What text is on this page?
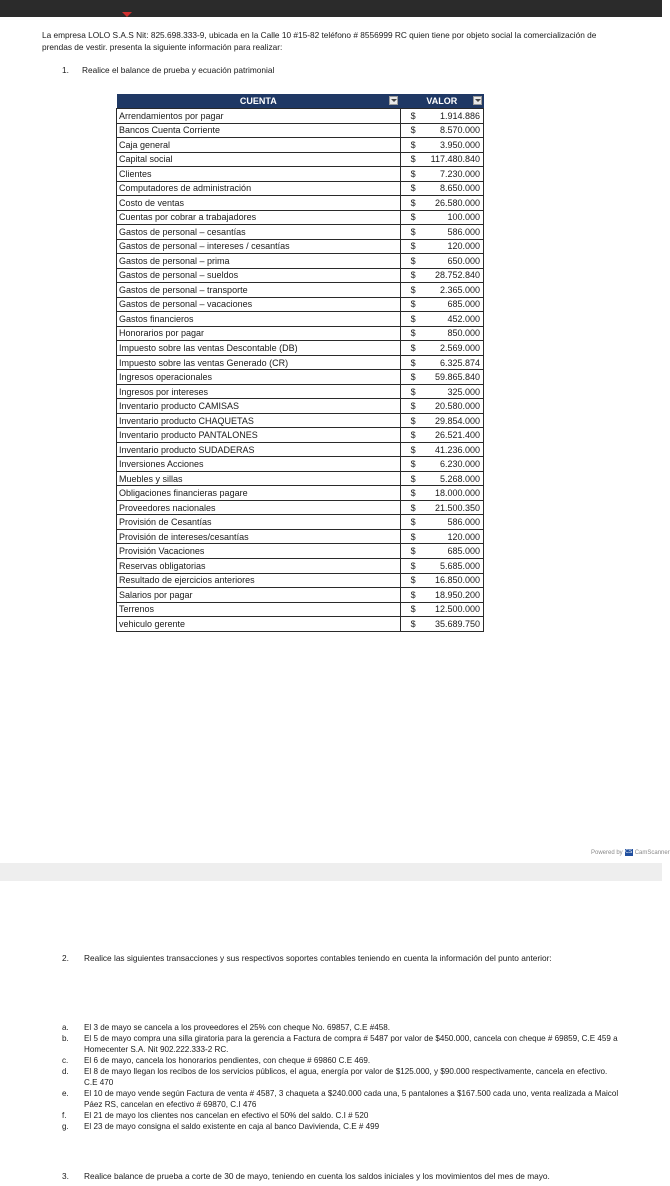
La empresa LOLO S.A.S Nit: 825.698.333-9, ubicada en la Calle 10 #15-82 teléfono # 8556999 RC quien tiene por objeto social la comercialización de prendas de vestir. presenta la siguiente información para realizar:
1. Realice el balance de prueba y ecuación patrimonial
CUENTA	VALOR	

Arrendamientos por pagar	$	1.914.886
Bancos Cuenta Corriente	$	8.570.000
Caja general	$	3.950.000
Capital social	$	117.480.840
Clientes	$	7.230.000
Computadores de administración	$	8.650.000
Costo de ventas	$	26.580.000
Cuentas por cobrar a trabajadores	$	100.000
Gastos de personal – cesantías	$	586.000
Gastos de personal – intereses / cesantías	$	120.000
Gastos de personal – prima	$	650.000
Gastos de personal – sueldos	$	28.752.840
Gastos de personal – transporte	$	2.365.000
Gastos de personal – vacaciones	$	685.000
Gastos financieros	$	452.000
Honorarios por pagar	$	850.000
Impuesto sobre las ventas Descontable (DB)	$	2.569.000
Impuesto sobre las ventas Generado (CR)	$	6.325.874
Ingresos operacionales	$	59.865.840
Ingresos por intereses	$	325.000
Inventario producto CAMISAS	$	20.580.000
Inventario producto CHAQUETAS	$	29.854.000
Inventario producto PANTALONES	$	26.521.400
Inventario producto SUDADERAS	$	41.236.000
Inversiones Acciones	$	6.230.000
Muebles y sillas	$	5.268.000
Obligaciones financieras pagare	$	18.000.000
Proveedores nacionales	$	21.500.350
Provisión de Cesantías	$	586.000
Provisión de intereses/cesantías	$	120.000
Provisión Vacaciones	$	685.000
Reservas obligatorias	$	5.685.000
Resultado de ejercicios anteriores	$	16.850.000
Salarios por pagar	$	18.950.200
Terrenos	$	12.500.000
vehiculo gerente	$	35.689.750
Powered by CS CamScanner
2. Realice las siguientes transacciones y sus respectivos soportes contables teniendo en cuenta la información del punto anterior:
a.	El 3 de mayo se cancela a los proveedores el 25% con cheque No. 69857, C.E #458.
b.	El 5 de mayo compra una silla giratoria para la gerencia a Factura de compra # 5487 por valor de $450.000, cancela con cheque # 69859, C.E 459 a Homecenter S.A. Nit 902.222.333-2 RC.
c.	El 6 de mayo, cancela los honorarios pendientes, con cheque # 69860 C.E 469.
d.	El 8 de mayo llegan los recibos de los servicios públicos, el agua, energía por valor de $125.000, y $90.000 respectivamente, cancela en efectivo. C.E 470
e.	El 10 de mayo vende según Factura de venta # 4587, 3 chaqueta a $240.000 cada una, 5 pantalones a $167.500 cada uno, venta realizada a Maicol Páez RS, cancelan en efectivo # 69870, C.I 476
f.	El 21 de mayo los clientes nos cancelan en efectivo el 50% del saldo. C.I # 520
g.	El 23 de mayo consigna el saldo existente en caja al banco Davivienda, C.E # 499
3. Realice balance de prueba a corte de 30 de mayo, teniendo en cuenta los saldos iniciales y los movimientos del mes de mayo.
